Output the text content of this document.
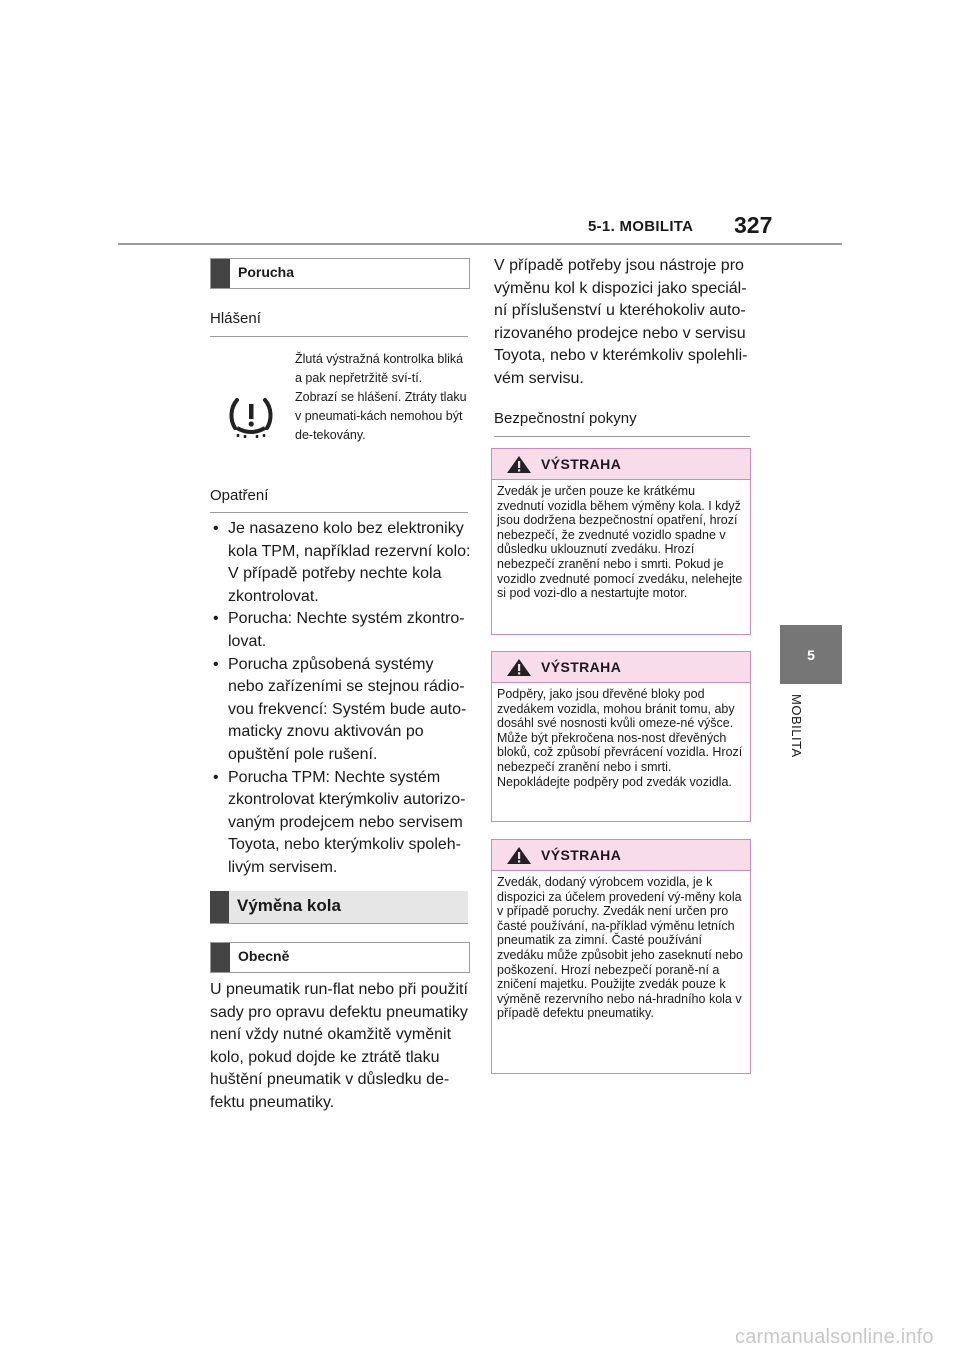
5-1. MOBILITA 327
5
MOBILITA
Porucha
Hlášení
Žlutá výstražná kontrolka bliká a pak nepřetržitě sví-tí. Zobrazí se hlášení. Ztráty tlaku v pneumati-kách nemohou být de-tekovány.
Opatření
• Je nasazeno kolo bez elektroniky kola TPM, například rezervní kolo: V případě potřeby nechte kola zkontrolovat.
• Porucha: Nechte systém zkontro-lovat.
• Porucha způsobená systémy nebo zařízeními se stejnou rádio-vou frekvencí: Systém bude auto-maticky znovu aktivován po opuštění pole rušení.
• Porucha TPM: Nechte systém zkontrolovat kterýmkoliv autorizo-vaným prodejcem nebo servisem Toyota, nebo kterýmkoliv spoleh-livým servisem.
Výměna kola
Obecně
U pneumatik run-flat nebo při použití sady pro opravu defektu pneumatiky není vždy nutné okamžitě vyměnit kolo, pokud dojde ke ztrátě tlaku huštění pneumatik v důsledku de-fektu pneumatiky.
V případě potřeby jsou nástroje pro výměnu kol k dispozici jako speciál-ní příslušenství u kteréhokoliv auto-rizovaného prodejce nebo v servisu Toyota, nebo v kterémkoliv spolehli-vém servisu.
Bezpečnostní pokyny
VÝSTRAHA
Zvedák je určen pouze ke krátkému zvednutí vozidla během výměny kola. I když jsou dodržena bezpečnostní opatření, hrozí nebezpečí, že zvednuté vozidlo spadne v důsledku uklouznutí zvedáku. Hrozí nebezpečí zranění nebo i smrti. Pokud je vozidlo zvednuté pomocí zvedáku, nelehejte si pod vozi-dlo a nestartujte motor.
VÝSTRAHA
Podpěry, jako jsou dřevěné bloky pod zvedákem vozidla, mohou bránit tomu, aby dosáhl své nosnosti kvůli omeze-né výšce. Může být překročena nos-nost dřevěných bloků, což způsobí převrácení vozidla. Hrozí nebezpečí zranění nebo i smrti. Nepokládejte podpěry pod zvedák vozidla.
VÝSTRAHA
Zvedák, dodaný výrobcem vozidla, je k dispozici za účelem provedení vý-měny kola v případě poruchy. Zvedák není určen pro časté používání, na-příklad výměnu letních pneumatik za zimní. Časté používání zvedáku může způsobit jeho zaseknutí nebo poškození. Hrozí nebezpečí poraně-ní a zničení majetku. Použijte zvedák pouze k výměně rezervního nebo ná-hradního kola v případě defektu pneumatiky.
carmanualsonline.info
